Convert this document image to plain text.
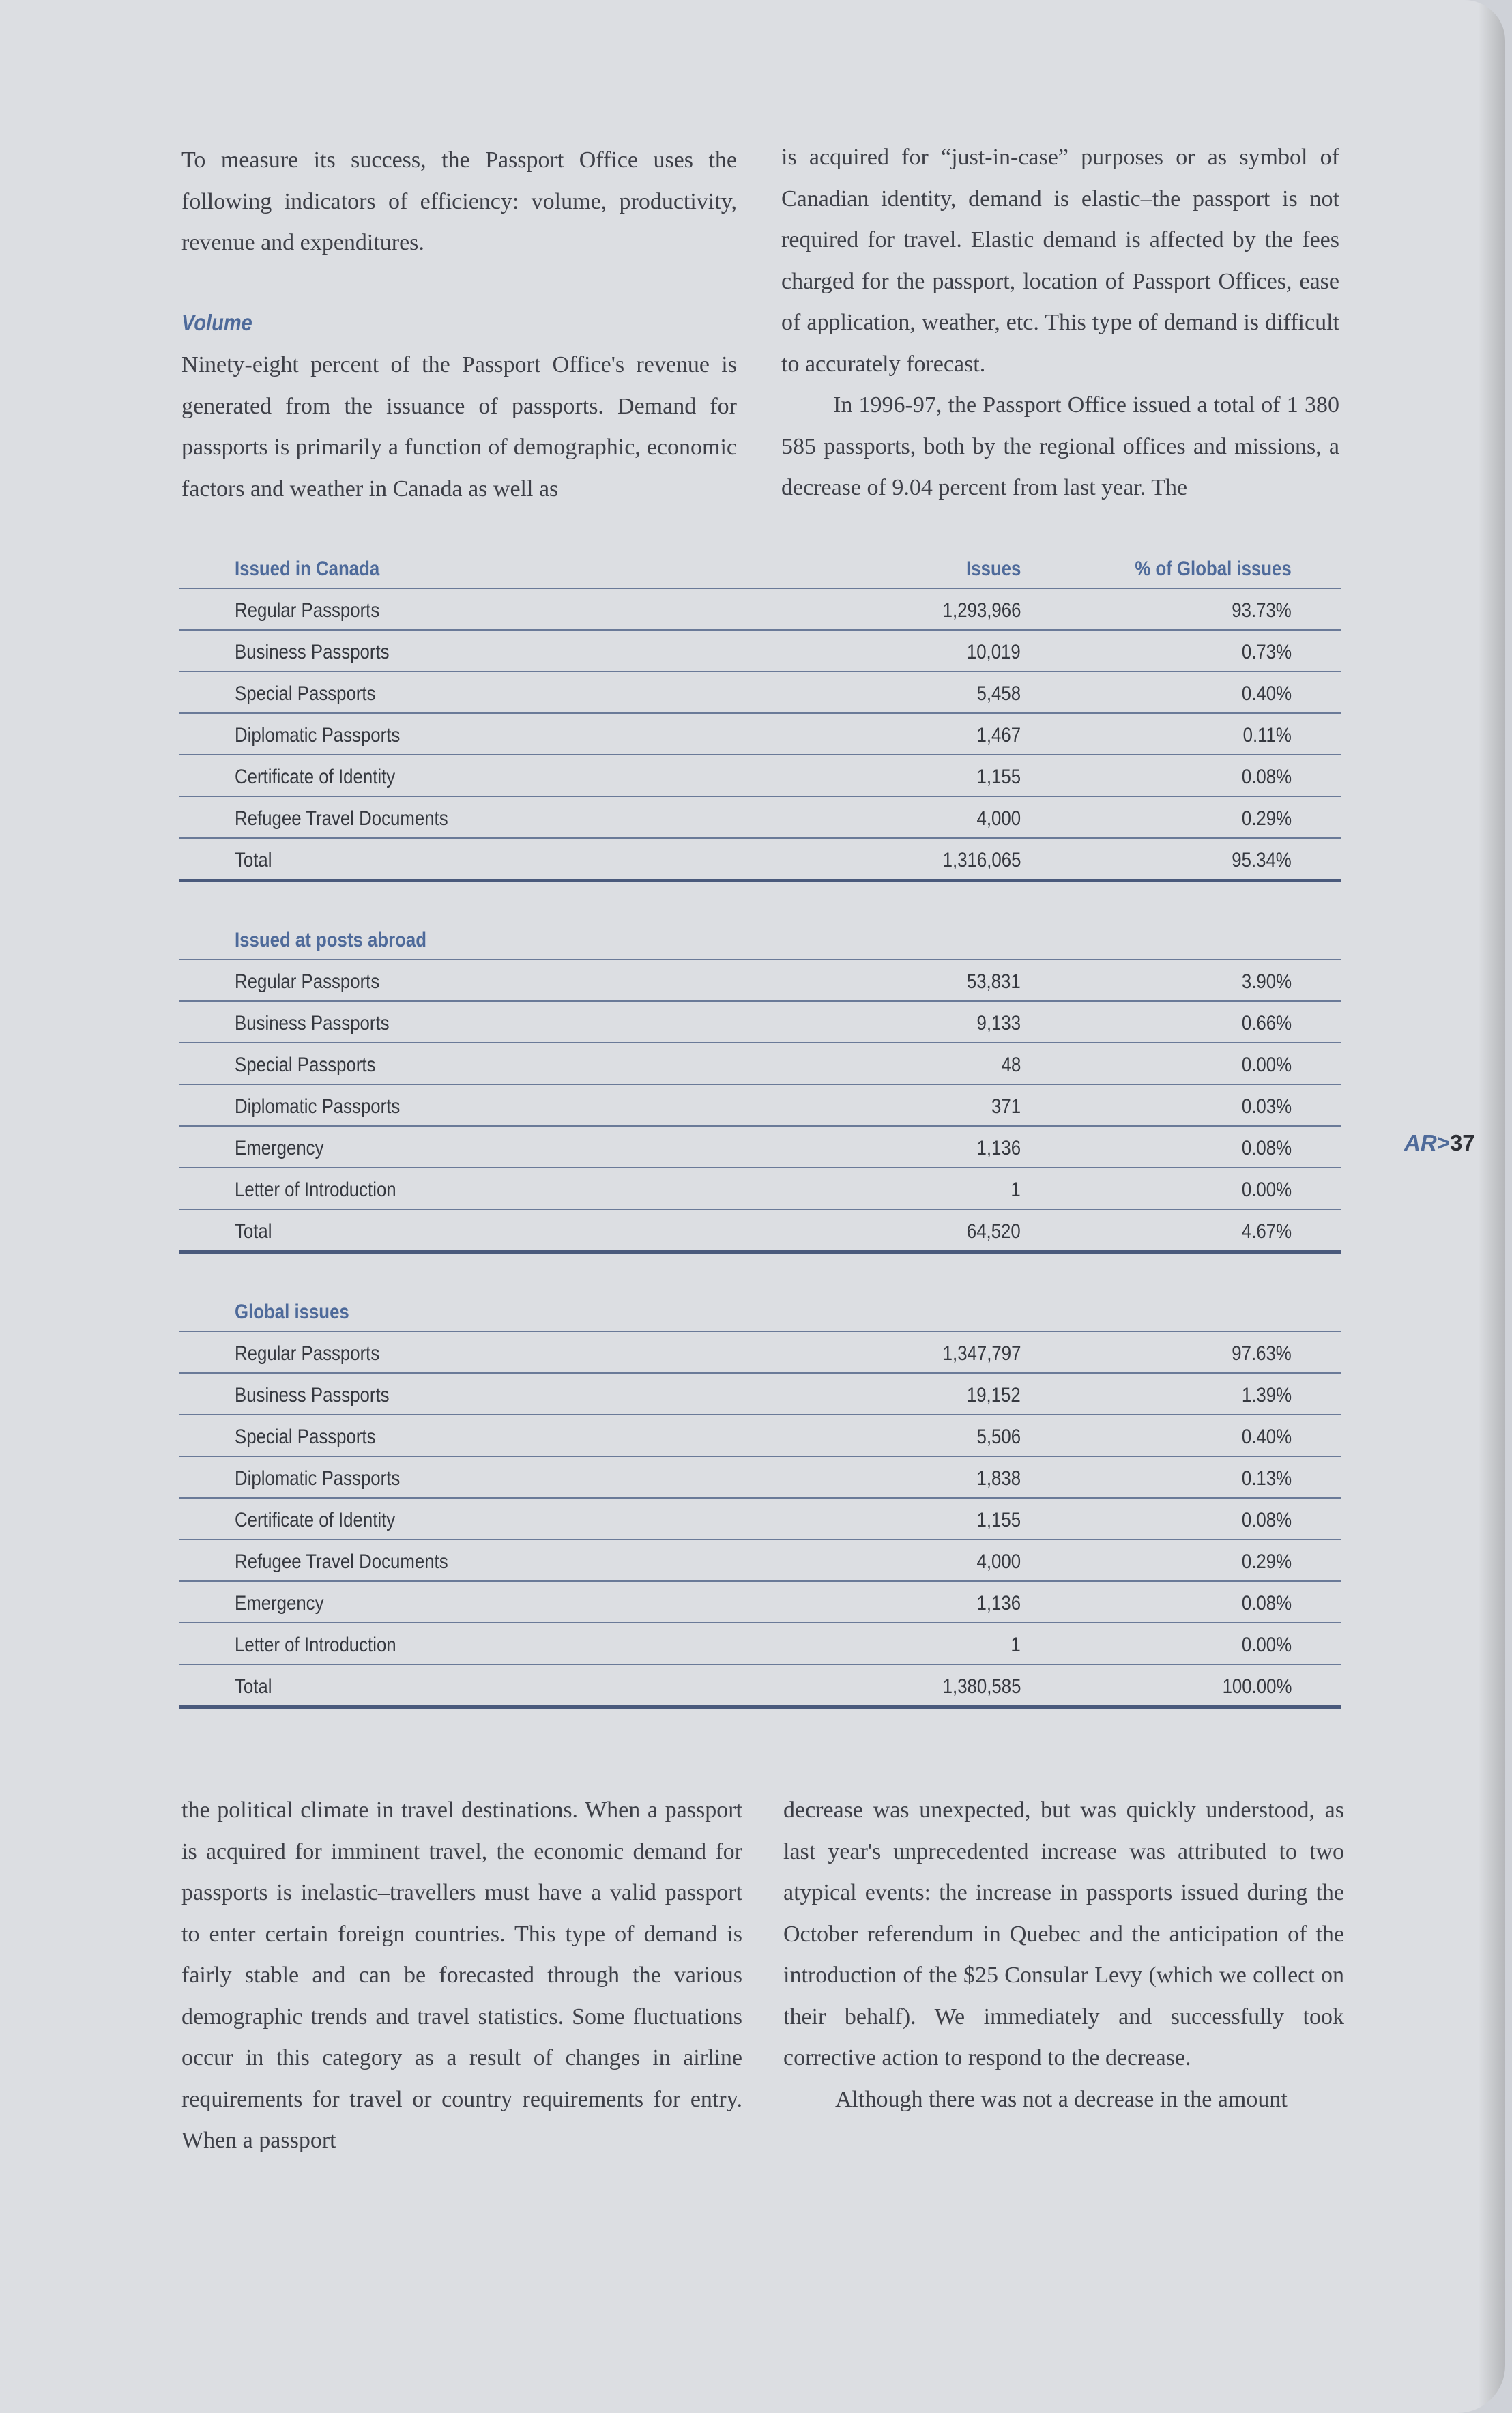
To measure its success, the Passport Office uses the following indicators of efficiency: volume, productivity, revenue and expenditures.

Volume

Ninety-eight percent of the Passport Office's revenue is generated from the issuance of passports. Demand for passports is primarily a function of demographic, economic factors and weather in Canada as well as

is acquired for “just-in-case” purposes or as symbol of Canadian identity, demand is elastic–the passport is not required for travel. Elastic demand is affected by the fees charged for the passport, location of Passport Offices, ease of application, weather, etc. This type of demand is difficult to accurately forecast.

In 1996-97, the Passport Office issued a total of 1 380 585 passports, both by the regional offices and missions, a decrease of 9.04 percent from last year. The

Issued in Canada	Issues	% of Global issues
Regular Passports	1,293,966	93.73%
Business Passports	10,019	0.73%
Special Passports	5,458	0.40%
Diplomatic Passports	1,467	0.11%
Certificate of Identity	1,155	0.08%
Refugee Travel Documents	4,000	0.29%
Total	1,316,065	95.34%
Issued at posts abroad
Regular Passports	53,831	3.90%
Business Passports	9,133	0.66%
Special Passports	48	0.00%
Diplomatic Passports	371	0.03%
Emergency	1,136	0.08%
Letter of Introduction	1	0.00%
Total	64,520	4.67%
Global issues
Regular Passports	1,347,797	97.63%
Business Passports	19,152	1.39%
Special Passports	5,506	0.40%
Diplomatic Passports	1,838	0.13%
Certificate of Identity	1,155	0.08%
Refugee Travel Documents	4,000	0.29%
Emergency	1,136	0.08%
Letter of Introduction	1	0.00%
Total	1,380,585	100.00%

the political climate in travel destinations. When a passport is acquired for imminent travel, the economic demand for passports is inelastic–travellers must have a valid passport to enter certain foreign countries. This type of demand is fairly stable and can be forecasted through the various demographic trends and travel statistics. Some fluctuations occur in this category as a result of changes in airline requirements for travel or country requirements for entry. When a passport

decrease was unexpected, but was quickly understood, as last year's unprecedented increase was attributed to two atypical events: the increase in passports issued during the October referendum in Quebec and the anticipation of the introduction of the $25 Consular Levy (which we collect on their behalf). We immediately and successfully took corrective action to respond to the decrease.

Although there was not a decrease in the amount

AR>37
